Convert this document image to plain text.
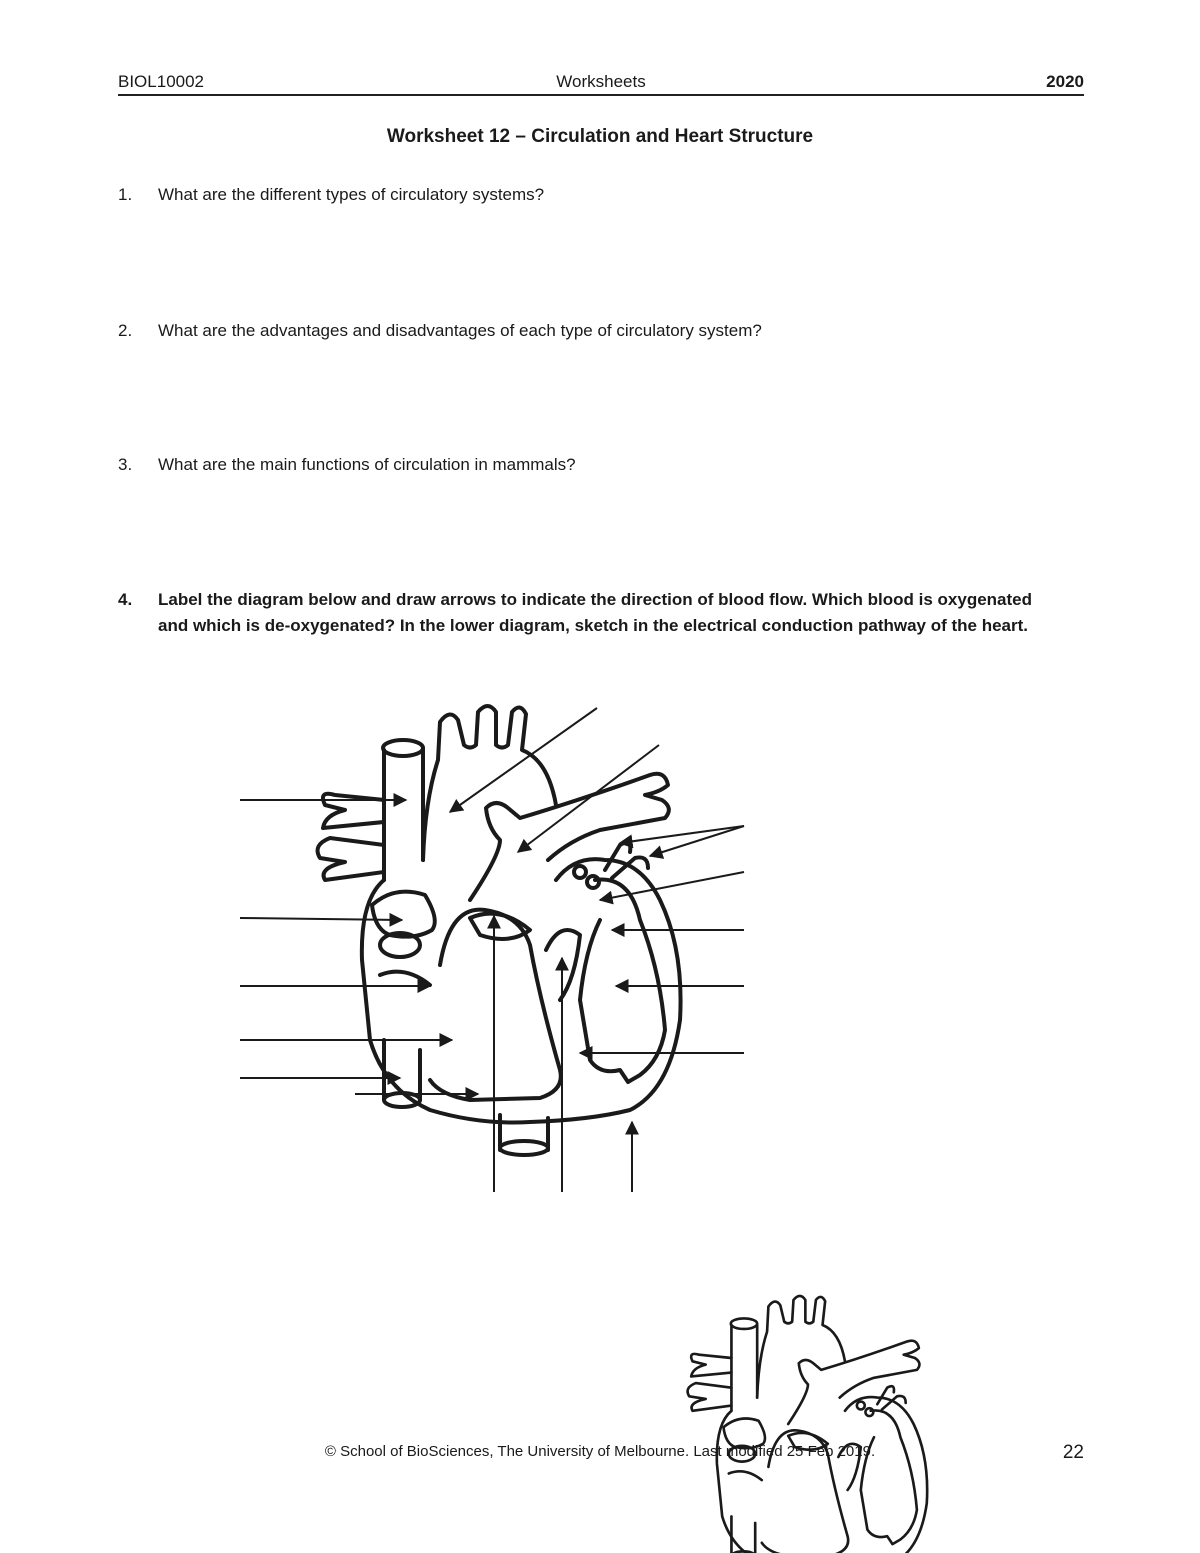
BIOL10002	Worksheets	2020
Worksheet 12 – Circulation and Heart Structure
1.	What are the different types of circulatory systems?
2.	What are the advantages and disadvantages of each type of circulatory system?
3.	What are the main functions of circulation in mammals?
4.	Label the diagram below and draw arrows to indicate the direction of blood flow. Which blood is oxygenated and which is de-oxygenated? In the lower diagram, sketch in the electrical conduction pathway of the heart.
© School of BioSciences, The University of Melbourne. Last modified 25 Feb 2019.	22
